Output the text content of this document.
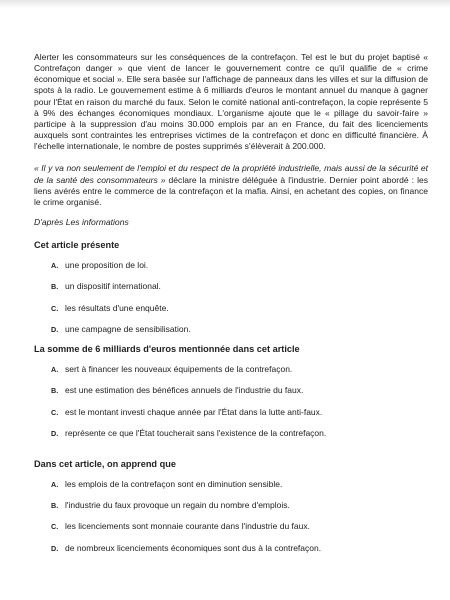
Alerter les consommateurs sur les conséquences de la contrefaçon. Tel est le but du projet baptisé « Contrefaçon danger » que vient de lancer le gouvernement contre ce qu'il qualifie de « crime économique et social ». Elle sera basée sur l'affichage de panneaux dans les villes et sur la diffusion de spots à la radio. Le gouvernement estime à 6 milliards d'euros le montant annuel du manque à gagner pour l'État en raison du marché du faux. Selon le comité national anti-contrefaçon, la copie représente 5 à 9% des échanges économiques mondiaux. L'organisme ajoute que le « pillage du savoir-faire » participe à la suppression d'au moins 30.000 emplois par an en France, du fait des licenciements auxquels sont contraintes les entreprises victimes de la contrefaçon et donc en difficulté financière. À l'échelle internationale, le nombre de postes supprimés s'élèverait à 200.000.

« Il y va non seulement de l'emploi et du respect de la propriété industrielle, mais aussi de la sécurité et de la santé des consommateurs » déclare la ministre déléguée à l'industrie. Dernier point abordé : les liens avérés entre le commerce de la contrefaçon et la mafia. Ainsi, en achetant des copies, on finance le crime organisé.

D'après Les informations

Cet article présente

A. une proposition de loi.
B. un dispositif international.
C. les résultats d'une enquête.
D. une campagne de sensibilisation.

La somme de 6 milliards d'euros mentionnée dans cet article

A. sert à financer les nouveaux équipements de la contrefaçon.
B. est une estimation des bénéfices annuels de l'industrie du faux.
C. est le montant investi chaque année par l'État dans la lutte anti-faux.
D. représente ce que l'État toucherait sans l'existence de la contrefaçon.

Dans cet article, on apprend que

A. les emplois de la contrefaçon sont en diminution sensible.
B. l'industrie du faux provoque un regain du nombre d'emplois.
C. les licenciements sont monnaie courante dans l'industrie du faux.
D. de nombreux licenciements économiques sont dus à la contrefaçon.
